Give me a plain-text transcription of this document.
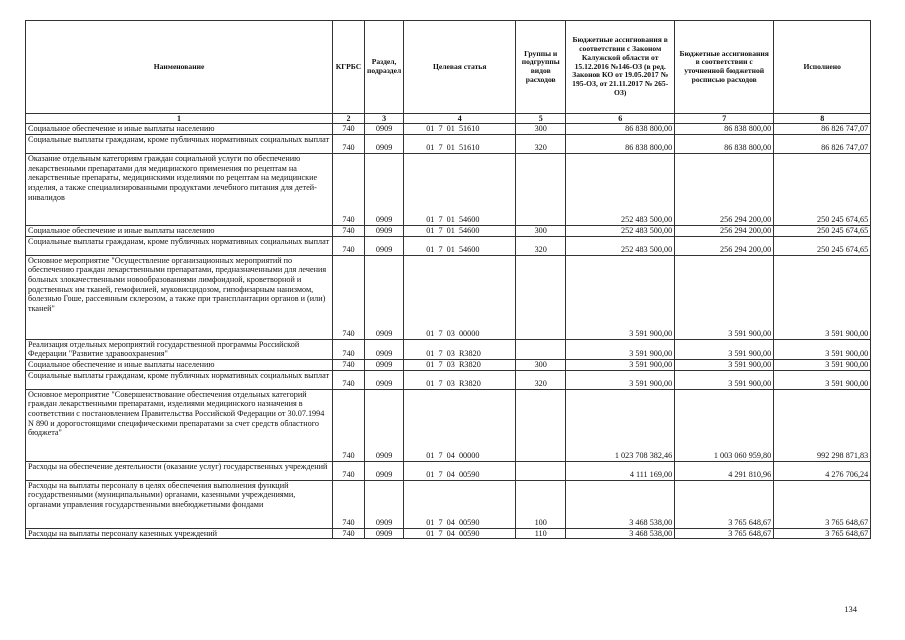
Наименование	КГРБС	Раздел, подраздел	Целевая статья	Группы и подгруппы видов расходов	Бюджетные ассигнования в соответствии с Законом Калужской области от 15.12.2016 №146-ОЗ (в ред. Законов КО от 19.05.2017 № 195-ОЗ, от 21.11.2017 № 265-ОЗ)	Бюджетные ассигнования в соответствии с уточненной бюджетной росписью расходов	Исполнено
1	2	3	4	5	6	7	8
Социальное обеспечение и иные выплаты населению	740	0909	01  7  01  51610	300	86 838 800,00	86 838 800,00	86 826 747,07
Социальные выплаты гражданам, кроме публичных нормативных социальных выплат	740	0909	01  7  01  51610	320	86 838 800,00	86 838 800,00	86 826 747,07
Оказание отдельным категориям граждан социальной услуги по обеспечению лекарственными препаратами для медицинского применения по рецептам на лекарственные препараты, медицинскими изделиями по рецептам на медицинские изделия, а также специализированными продуктами лечебного питания для детей-инвалидов	740	0909	01  7  01  54600		252 483 500,00	256 294 200,00	250 245 674,65
Социальное обеспечение и иные выплаты населению	740	0909	01  7  01  54600	300	252 483 500,00	256 294 200,00	250 245 674,65
Социальные выплаты гражданам, кроме публичных нормативных социальных выплат	740	0909	01  7  01  54600	320	252 483 500,00	256 294 200,00	250 245 674,65
Основное мероприятие "Осуществление организационных мероприятий по обеспечению граждан лекарственными препаратами, предназначенными для лечения больных злокачественными новообразованиями лимфоидной, кроветворной и родственных им тканей, гемофилией, муковисцидозом, гипофизарным нанизмом, болезнью Гоше, рассеянным склерозом, а также при трансплантации органов и (или) тканей"	740	0909	01  7  03  00000		3 591 900,00	3 591 900,00	3 591 900,00
Реализация отдельных мероприятий государственной программы Российской Федерации "Развитие здравоохранения"	740	0909	01  7  03  R3820		3 591 900,00	3 591 900,00	3 591 900,00
Социальное обеспечение и иные выплаты населению	740	0909	01  7  03  R3820	300	3 591 900,00	3 591 900,00	3 591 900,00
Социальные выплаты гражданам, кроме публичных нормативных социальных выплат	740	0909	01  7  03  R3820	320	3 591 900,00	3 591 900,00	3 591 900,00
Основное мероприятие "Совершенствование обеспечения отдельных категорий граждан лекарственными препаратами, изделиями медицинского назначения в соответствии с постановлением Правительства Российской Федерации от 30.07.1994 N 890 и дорогостоящими специфическими препаратами за счет средств областного бюджета"	740	0909	01  7  04  00000		1 023 708 382,46	1 003 060 959,80	992 298 871,83
Расходы на обеспечение деятельности (оказание услуг) государственных учреждений	740	0909	01  7  04  00590		4 111 169,00	4 291 810,96	4 276 706,24
Расходы на выплаты персоналу в целях обеспечения выполнения функций государственными (муниципальными) органами, казенными учреждениями, органами управления государственными внебюджетными фондами	740	0909	01  7  04  00590	100	3 468 538,00	3 765 648,67	3 765 648,67
Расходы на выплаты персоналу казенных учреждений	740	0909	01  7  04  00590	110	3 468 538,00	3 765 648,67	3 765 648,67
134
